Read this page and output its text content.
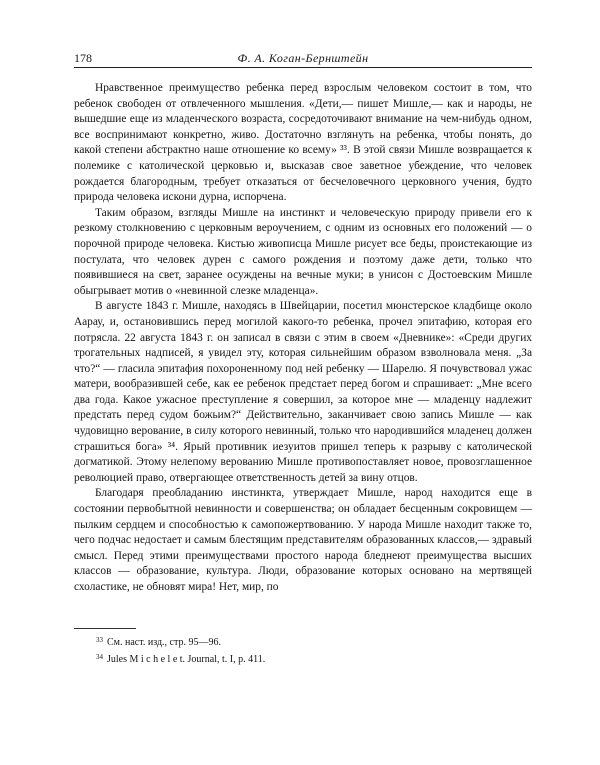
178	Ф. А. Коган-Бернштейн

Нравственное преимущество ребенка перед взрослым человеком состоит в том, что ребенок свободен от отвлеченного мышления. «Дети,— пишет Мишле,— как и народы, не вышедшие еще из младенческого возраста, сосредоточивают внимание на чем-нибудь одном, все воспринимают конкретно, живо. Достаточно взглянуть на ребенка, чтобы понять, до какой степени абстрактно наше отношение ко всему» ³³. В этой связи Мишле возвращается к полемике с католической церковью и, высказав свое заветное убеждение, что человек рождается благородным, требует отказаться от бесчеловечного церковного учения, будто природа человека искони дурна, испорчена.

Таким образом, взгляды Мишле на инстинкт и человеческую природу привели его к резкому столкновению с церковным вероучением, с одним из основных его положений — о порочной природе человека. Кистью живописца Мишле рисует все беды, проистекающие из постулата, что человек дурен с самого рождения и поэтому даже дети, только что появившиеся на свет, заранее осуждены на вечные муки; в унисон с Достоевским Мишле обыгрывает мотив о «невинной слезке младенца».

В августе 1843 г. Мишле, находясь в Швейцарии, посетил мюнстерское кладбище около Аарау, и, остановившись перед могилой какого-то ребенка, прочел эпитафию, которая его потрясла. 22 августа 1843 г. он записал в связи с этим в своем «Дневнике»: «Среди других трогательных надписей, я увидел эту, которая сильнейшим образом взволновала меня. „За что?“ — гласила эпитафия похороненному под ней ребенку — Шарелю. Я почувствовал ужас матери, вообразившей себе, как ее ребенок предстает перед богом и спрашивает: „Мне всего два года. Какое ужасное преступление я совершил, за которое мне — младенцу надлежит предстать перед судом божьим?“ Действительно, заканчивает свою запись Мишле — как чудовищно верование, в силу которого невинный, только что народившийся младенец должен страшиться бога» ³⁴. Ярый противник иезуитов пришел теперь к разрыву с католической догматикой. Этому нелепому верованию Мишле противопоставляет новое, провозглашенное революцией право, отвергающее ответственность детей за вину отцов.

Благодаря преобладанию инстинкта, утверждает Мишле, народ находится еще в состоянии первобытной невинности и совершенства; он обладает бесценным сокровищем — пылким сердцем и способностью к самопожертвованию. У народа Мишле находит также то, чего подчас недостает и самым блестящим представителям образованных классов,— здравый смысл. Перед этими преимуществами простого народа бледнеют преимущества высших классов — образование, культура. Люди, образование которых основано на мертвящей схоластике, не обновят мира! Нет, мир, по

$^{33}$ См. наст. изд., стр. 95—96.

$^{34}$ Jules M i c h e l e t. Journal, t. I, p. 411.
